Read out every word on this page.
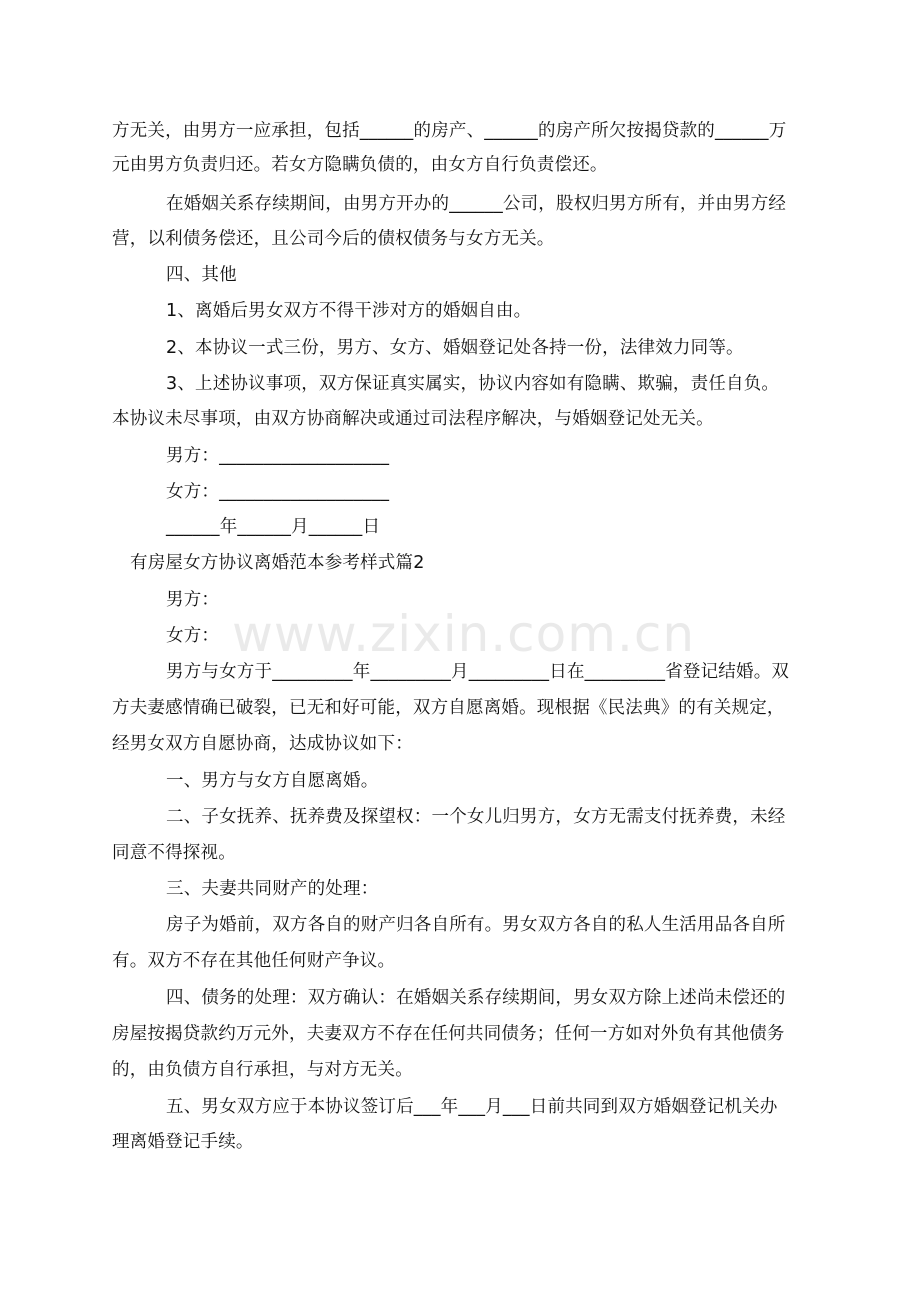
方无关，由男方一应承担，包括______的房产、______的房产所欠按揭贷款的______万
元由男方负责归还。若女方隐瞒负债的，由女方自行负责偿还。
在婚姻关系存续期间，由男方开办的______公司，股权归男方所有，并由男方经
营，以利债务偿还，且公司今后的债权债务与女方无关。
四、其他
1、离婚后男女双方不得干涉对方的婚姻自由。
2、本协议一式三份，男方、女方、婚姻登记处各持一份，法律效力同等。
3、上述协议事项，双方保证真实属实，协议内容如有隐瞒、欺骗，责任自负。
本协议未尽事项，由双方协商解决或通过司法程序解决，与婚姻登记处无关。
男方：___________________
女方：___________________
______年______月______日
有房屋女方协议离婚范本参考样式篇2
男方：
女方：
男方与女方于_________年_________月_________日在_________省登记结婚。双
方夫妻感情确已破裂，已无和好可能，双方自愿离婚。现根据《民法典》的有关规定，
经男女双方自愿协商，达成协议如下：
一、男方与女方自愿离婚。
二、子女抚养、抚养费及探望权：一个女儿归男方，女方无需支付抚养费，未经
同意不得探视。
三、夫妻共同财产的处理：
房子为婚前，双方各自的财产归各自所有。男女双方各自的私人生活用品各自所
有。双方不存在其他任何财产争议。
四、债务的处理：双方确认：在婚姻关系存续期间，男女双方除上述尚未偿还的
房屋按揭贷款约万元外，夫妻双方不存在任何共同债务；任何一方如对外负有其他债务
的，由负债方自行承担，与对方无关。
五、男女双方应于本协议签订后___年___月___日前共同到双方婚姻登记机关办
理离婚登记手续。
www.zixin.com.cn
